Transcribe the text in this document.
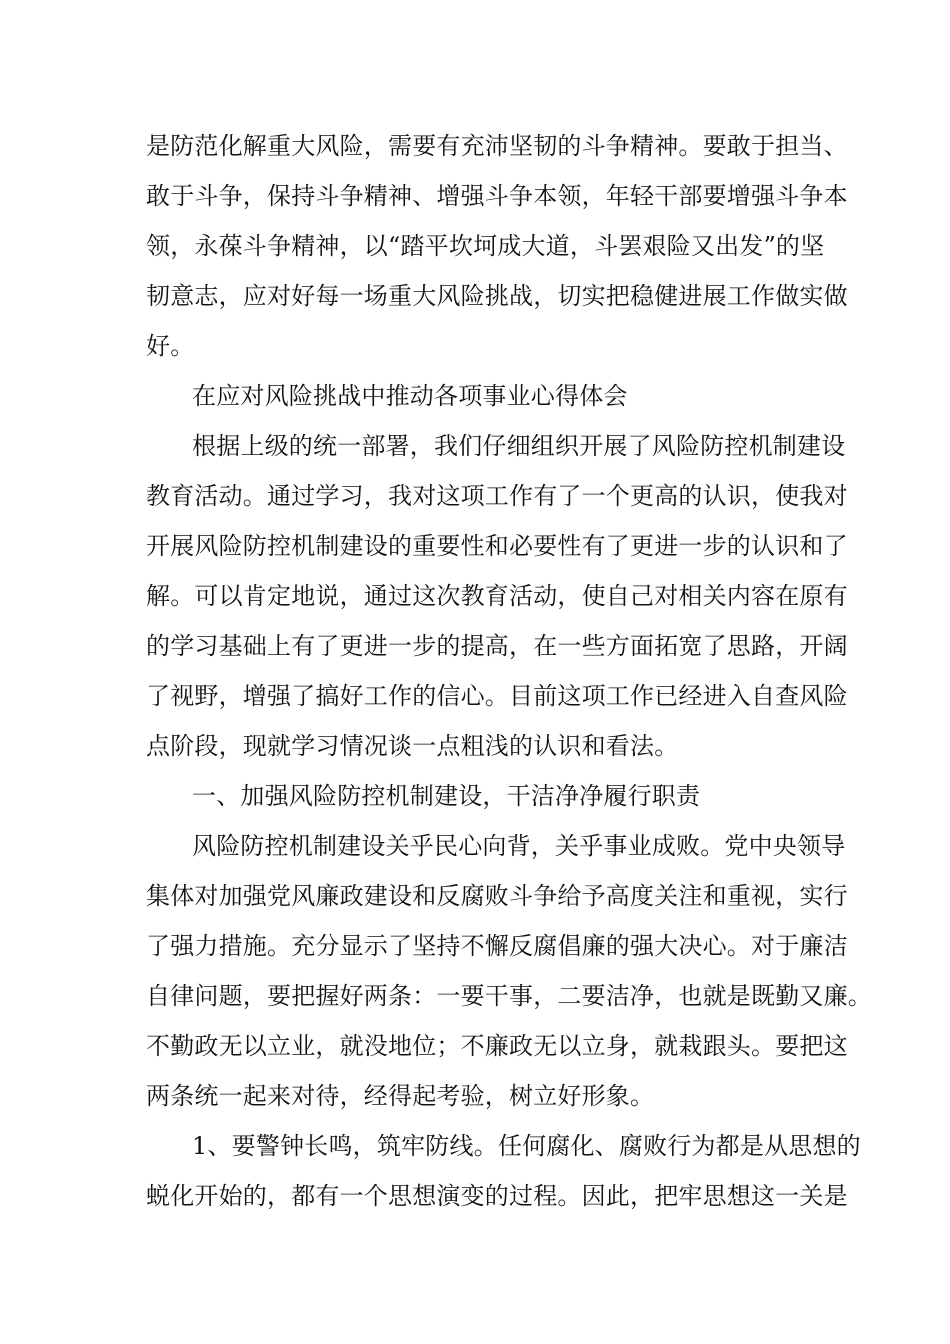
是防范化解重大风险，需要有充沛坚韧的斗争精神。要敢于担当、
敢于斗争，保持斗争精神、增强斗争本领，年轻干部要增强斗争本
领，永葆斗争精神，以“踏平坎坷成大道，斗罢艰险又出发”的坚
韧意志，应对好每一场重大风险挑战，切实把稳健进展工作做实做
好。
在应对风险挑战中推动各项事业心得体会
根据上级的统一部署，我们仔细组织开展了风险防控机制建设
教育活动。通过学习，我对这项工作有了一个更高的认识，使我对
开展风险防控机制建设的重要性和必要性有了更进一步的认识和了
解。可以肯定地说，通过这次教育活动，使自己对相关内容在原有
的学习基础上有了更进一步的提高，在一些方面拓宽了思路，开阔
了视野，增强了搞好工作的信心。目前这项工作已经进入自查风险
点阶段，现就学习情况谈一点粗浅的认识和看法。
一、加强风险防控机制建设，干洁净净履行职责
风险防控机制建设关乎民心向背，关乎事业成败。党中央领导
集体对加强党风廉政建设和反腐败斗争给予高度关注和重视，实行
了强力措施。充分显示了坚持不懈反腐倡廉的强大决心。对于廉洁
自律问题，要把握好两条：一要干事，二要洁净，也就是既勤又廉。
不勤政无以立业，就没地位；不廉政无以立身，就栽跟头。要把这
两条统一起来对待，经得起考验，树立好形象。
1、要警钟长鸣，筑牢防线。任何腐化、腐败行为都是从思想的
蜕化开始的，都有一个思想演变的过程。因此，把牢思想这一关是
